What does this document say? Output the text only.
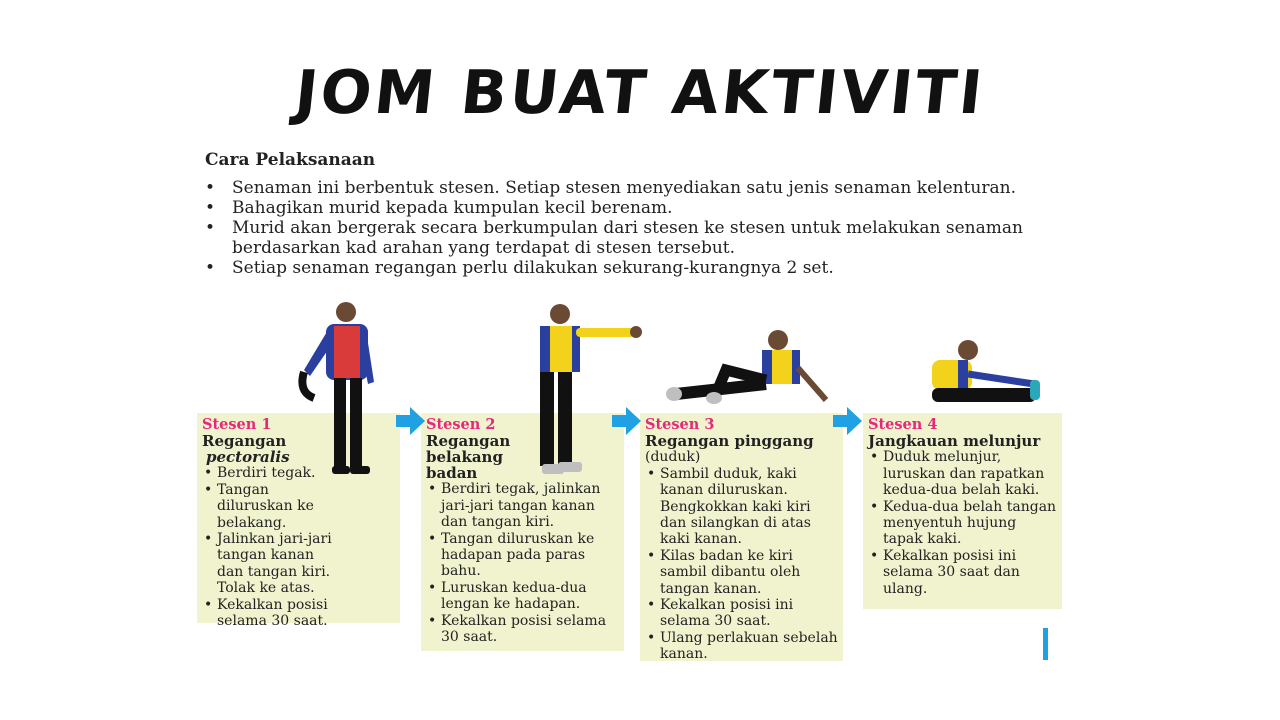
JOM BUAT AKTIVITI
Cara Pelaksanaan
• Senaman ini berbentuk stesen. Setiap stesen menyediakan satu jenis senaman kelenturan.
• Bahagikan murid kepada kumpulan kecil berenam.
• Murid akan bergerak secara berkumpulan dari stesen ke stesen untuk melakukan senaman berdasarkan kad arahan yang terdapat di stesen tersebut.
• Setiap senaman regangan perlu dilakukan sekurang-kurangnya 2 set.
Stesen 1
Regangan
pectoralis
• Berdiri tegak.
• Tangan diluruskan ke belakang.
• Jalinkan jari-jari tangan kanan dan tangan kiri. Tolak ke atas.
• Kekalkan posisi selama 30 saat.
Stesen 2
Regangan belakang badan
• Berdiri tegak, jalinkan jari-jari tangan kanan dan tangan kiri.
• Tangan diluruskan ke hadapan pada paras bahu.
• Luruskan kedua-dua lengan ke hadapan.
• Kekalkan posisi selama 30 saat.
Stesen 3
Regangan pinggang
(duduk)
• Sambil duduk, kaki kanan diluruskan. Bengkokkan kaki kiri dan silangkan di atas kaki kanan.
• Kilas badan ke kiri sambil dibantu oleh tangan kanan.
• Kekalkan posisi ini selama 30 saat.
• Ulang perlakuan sebelah kanan.
Stesen 4
Jangkauan melunjur
• Duduk melunjur, luruskan dan rapatkan kedua-dua belah kaki.
• Kedua-dua belah tangan menyentuh hujung tapak kaki.
• Kekalkan posisi ini selama 30 saat dan ulang.
